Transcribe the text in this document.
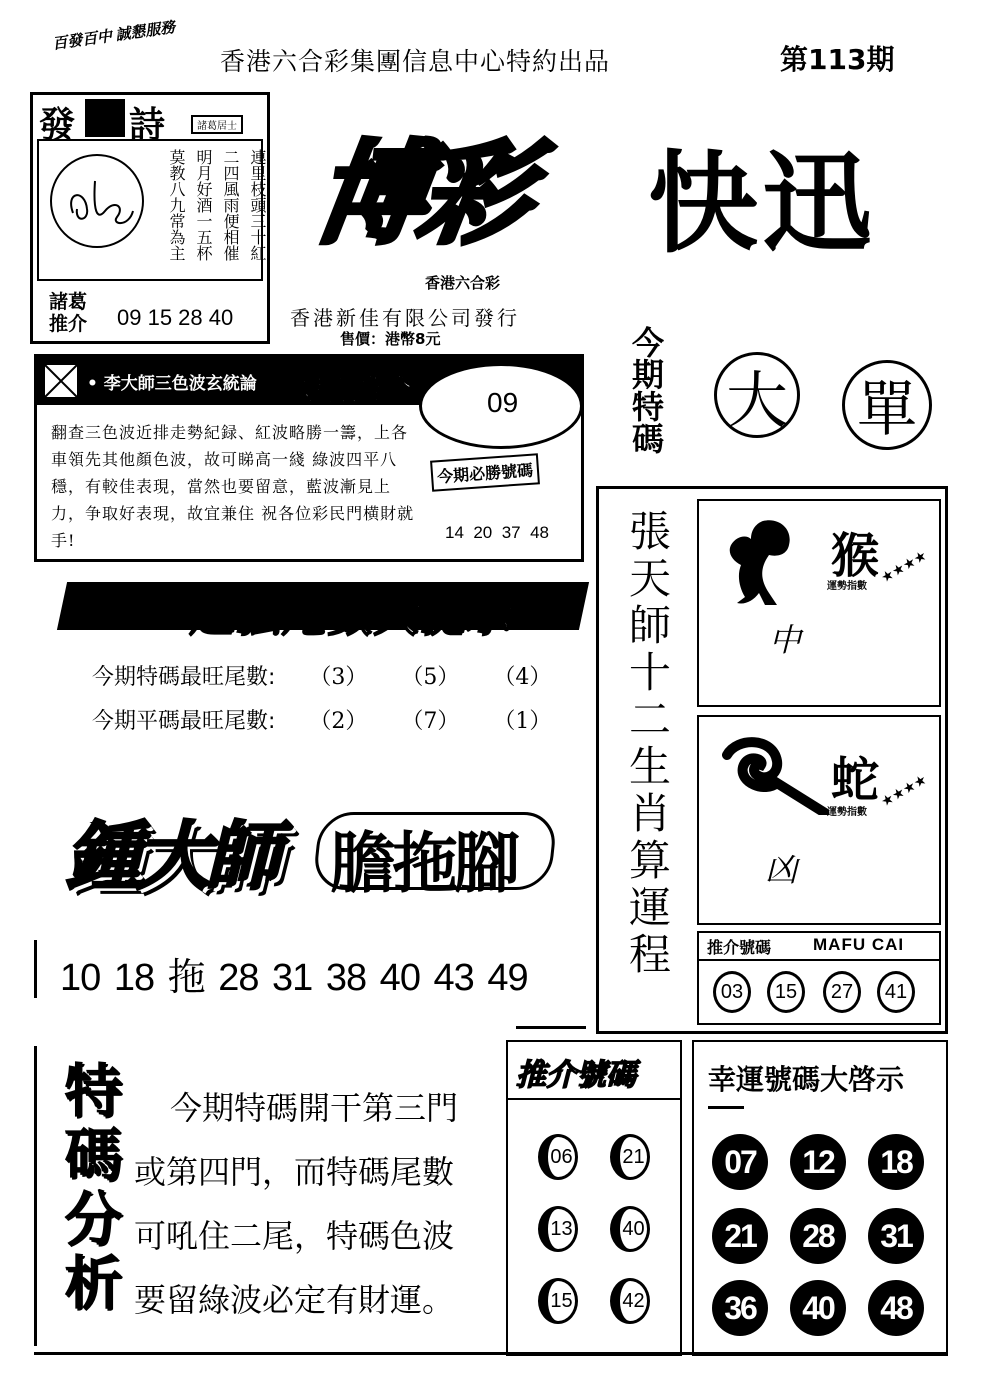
百發百中 誠懇服務
香港六合彩集團信息中心特約出品	第113期
發 詩	諸葛居士
莫教八九常為主 明月好酒一五杯 二四風雨便相催 連里枝頭三十紅
諸葛
推介 09 15 28 40
博彩 快迅
香港六合彩
香港新佳有限公司發行
售價：港幣8元	今期特碼 大 單
• 李大師三色波玄統論 特別推介
翻查三色波近排走勢紀録、紅波略勝一籌，上各車領先其他顏色波，故可睇高一綫 綠波四平八穩，有較佳表現，當然也要留意，藍波漸見上力，争取好表現，故宜兼住 祝各位彩民門横財就手!
09
今期必勝號碼
14  20  37  48
超强尾數大提示
今期特碼最旺尾數: （3） （5） （4）
今期平碼最旺尾數: （2） （7） （1）
鍾大師 膽拖腳
10 18 拖 28 31 38 40 43 49 張天師十二生肖算運程	猴
運勢指數
★★★★
中
蛇
運勢指數
★★★★
凶
推介號碼 MAFU CAI
03	15	27	41
特碼分析	今期特碼開干第三門
或第四門，而特碼尾數
可吼住二尾，特碼色波
要留綠波必定有財運。
推介號碼
06	21
13	40
15	42
幸運號碼大啓示
07	12	18
21	28	31
36	40	48
